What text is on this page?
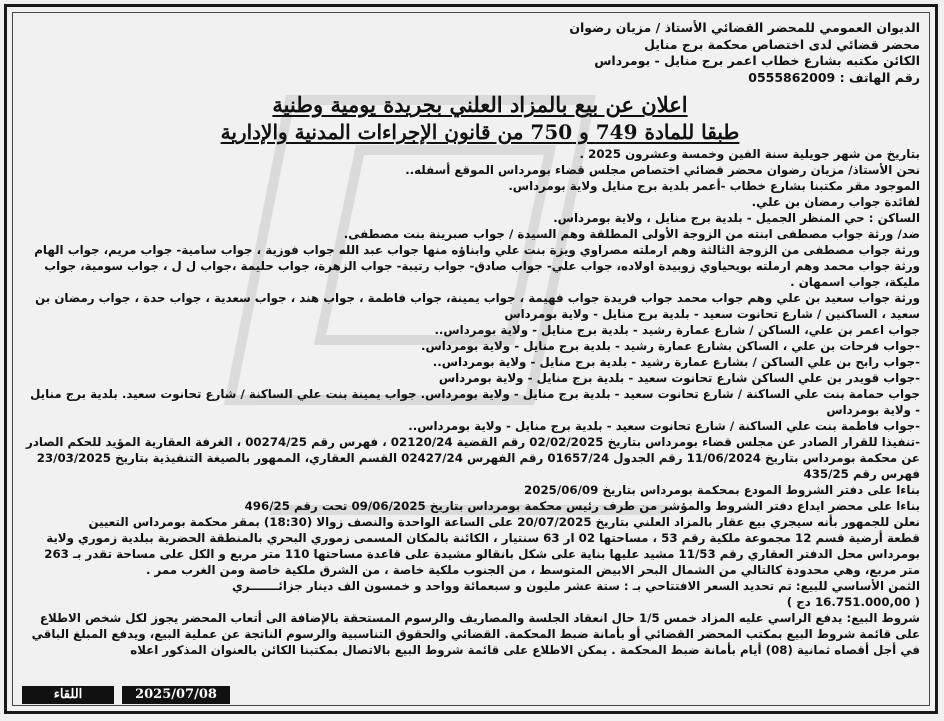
الديوان العمومي للمحضر القضائي الأستاذ / مزيان رضوان
محضر قضائي لدى اختصاص محكمة برج منايل
الكائن مكتبه بشارع خطاب اعمر برج منايل - بومرداس
رقم الهاتف : 0555862009
اعلان عن بيع بالمزاد العلني بجريدة يومية وطنية
طبقا للمادة 749 و 750 من قانون الإجراءات المدنية والإدارية

بتاريخ من شهر جويلية سنة الفين وخمسة وعشرون 2025 .

نحن الأستاذ/ مزيان رضوان محضر قضائي اختصاص مجلس قضاء بومرداس الموقع أسفله..

الموجود مقر مكتبنا بشارع خطاب -أعمر بلدية برج منايل ولاية بومرداس.

لفائدة جواب رمضان بن علي.

الساكن : حي المنظر الجميل - بلدية برج منايل ، ولاية بومرداس.

ضد/ ورثة جواب مصطفى ابنته من الزوجة الأولى المطلقة وهم السيدة / جواب صبرينة بنت مصطفى.

ورثة جواب مصطفى من الزوجة الثالثة وهم ارملته مصراوي ويزة بنت علي وابناؤه منها جواب عبد الله جواب فوزية ، جواب سامية- جواب مريم، جواب الهام

ورثة جواب محمد وهم ارملته بويحياوي زوبيدة اولاده، جواب علي- جواب صادق- جواب رتيبة- جواب الزهرة، جواب حليمة ،جواب ل ل ، جواب سومية، جواب مليكة، جواب اسمهان .

ورثة جواب سعيد بن علي وهم جواب محمد جواب فريدة جواب فهيمة ، جواب يمينة، جواب فاطمة ، جواب هند ، جواب سعدية ، جواب حدة ، جواب رمضان بن سعيد ، الساكنين / شارع تحانوت سعيد - بلدية برج منايل - ولاية بومرداس

جواب اعمر بن علي، الساكن / شارع عمارة رشيد - بلدية برج منايل - ولاية بومرداس..

-جواب فرحات بن علي ، الساكن بشارع عمارة رشيد - بلدية برج منايل - ولاية بومرداس.

-جواب رابح بن علي الساكن / بشارع عمارة رشيد - بلدية برج منايل - ولاية بومرداس..

-جواب قويدر بن علي الساكن شارع تحانوت سعيد - بلدية برج منايل - ولاية بومرداس

جواب حمامة بنت علي الساكنة / شارع تحانوت سعيد - بلدية برج منايل - ولاية بومرداس. جواب يمينة بنت علي الساكنة / شارع تحانوت سعيد. بلدية برج منايل - ولاية بومرداس

-جواب فاطمة بنت علي الساكنة / شارع تحانوت سعيد - بلدية برج منايل - ولاية بومرداس..

-تنفيذا للقرار الصادر عن مجلس قضاء بومرداس بتاريخ 02/02/2025 رقم القضية 02120/24 ، فهرس رقم 00274/25 ، الغرفة العقارية المؤيد للحكم الصادر عن محكمة بومرداس بتاريخ 11/06/2024 رقم الجدول 01657/24 رقم الفهرس 02427/24 القسم العقاري، الممهور بالصيغة التنفيذية بتاريخ 23/03/2025 فهرس رقم 435/25

بناءا على دفتر الشروط المودع بمحكمة بومرداس بتاريخ 2025/06/09

بناءا على محضر ايداع دفتر الشروط والمؤشر من طرف رئيس محكمة بومرداس بتاريخ 09/06/2025 تحت رقم 496/25

نعلن للجمهور بأنه سيجري بيع عقار بالمزاد العلني بتاريخ 20/07/2025 على الساعة الواحدة والنصف زوالا (18:30) بمقر محكمة بومرداس التعيين

قطعة أرضية قسم 12 مجموعة ملكية رقم 53 ، مساحتها 02 ار 63 سنتيار ، الكائنة بالمكان المسمى زموري البحري بالمنطقة الحضرية ببلدية زموري ولاية بومرداس محل الدفتر العقاري رقم 11/53 مشيد عليها بناية على شكل بانقالو مشيدة على قاعدة مساحتها 110 متر مربع و الكل على مساحة تقدر بـ 263 متر مربع، وهي محدودة كالتالي من الشمال البحر الابيض المتوسط ، من الجنوب ملكية خاصة ، من الشرق ملكية خاصة ومن الغرب ممر .

الثمن الأساسي للبيع: تم تحديد السعر الافتتاحي بـ : ستة عشر مليون و سبعمائة وواحد و خمسون الف دينار جزائـــــــري

( 16.751.000,00 دج )

شروط البيع: يدفع الراسي عليه المزاد خمس 1/5 حال انعقاد الجلسة والمصاريف والرسوم المستحقة بالإضافة الى أتعاب المحضر يجوز لكل شخص الاطلاع على قائمة شروط البيع بمكتب المحضر القضائي أو بأمانة ضبط المحكمة. القضائي والحقوق التناسبية والرسوم الناتجة عن عملية البيع، ويدفع المبلغ الباقي في أجل أقصاه ثمانية (08) أيام بأمانة ضبط المحكمة . يمكن الاطلاع على قائمة شروط البيع بالاتصال بمكتبنا الكائن بالعنوان المذكور اعلاه

2025/07/08
اللقاء
